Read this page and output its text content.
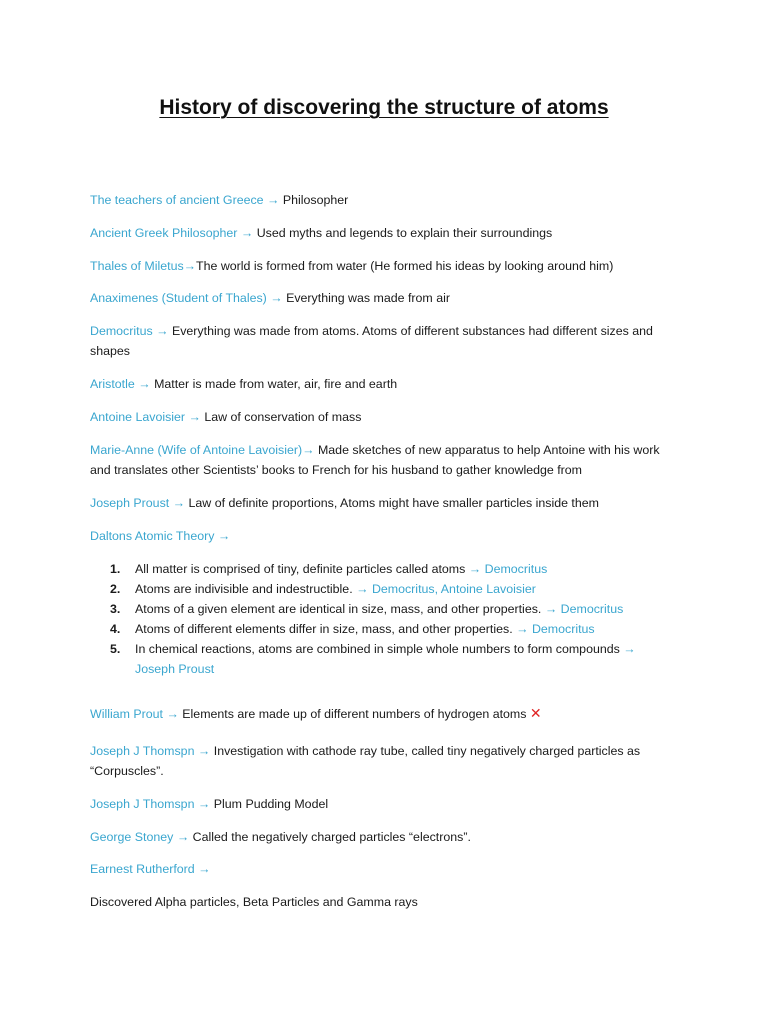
History of discovering the structure of atoms

The teachers of ancient Greece → Philosopher

Ancient Greek Philosopher → Used myths and legends to explain their surroundings

Thales of Miletus→The world is formed from water (He formed his ideas by looking around him)

Anaximenes (Student of Thales) → Everything was made from air

Democritus → Everything was made from atoms. Atoms of different substances had different sizes and shapes

Aristotle → Matter is made from water, air, fire and earth

Antoine Lavoisier → Law of conservation of mass

Marie-Anne (Wife of Antoine Lavoisier)→ Made sketches of new apparatus to help Antoine with his work and translates other Scientists’ books to French for his husband to gather knowledge from

Joseph Proust → Law of definite proportions, Atoms might have smaller particles inside them

Daltons Atomic Theory →

1. All matter is comprised of tiny, definite particles called atoms → Democritus
2. Atoms are indivisible and indestructible. → Democritus, Antoine Lavoisier
3. Atoms of a given element are identical in size, mass, and other properties. → Democritus
4. Atoms of different elements differ in size, mass, and other properties. → Democritus
5. In chemical reactions, atoms are combined in simple whole numbers to form compounds → Joseph Proust

William Prout → Elements are made up of different numbers of hydrogen atoms ✕

Joseph J Thomspn → Investigation with cathode ray tube, called tiny negatively charged particles as “Corpuscles”.

Joseph J Thomspn → Plum Pudding Model

George Stoney → Called the negatively charged particles “electrons”.

Earnest Rutherford →

Discovered Alpha particles, Beta Particles and Gamma rays
